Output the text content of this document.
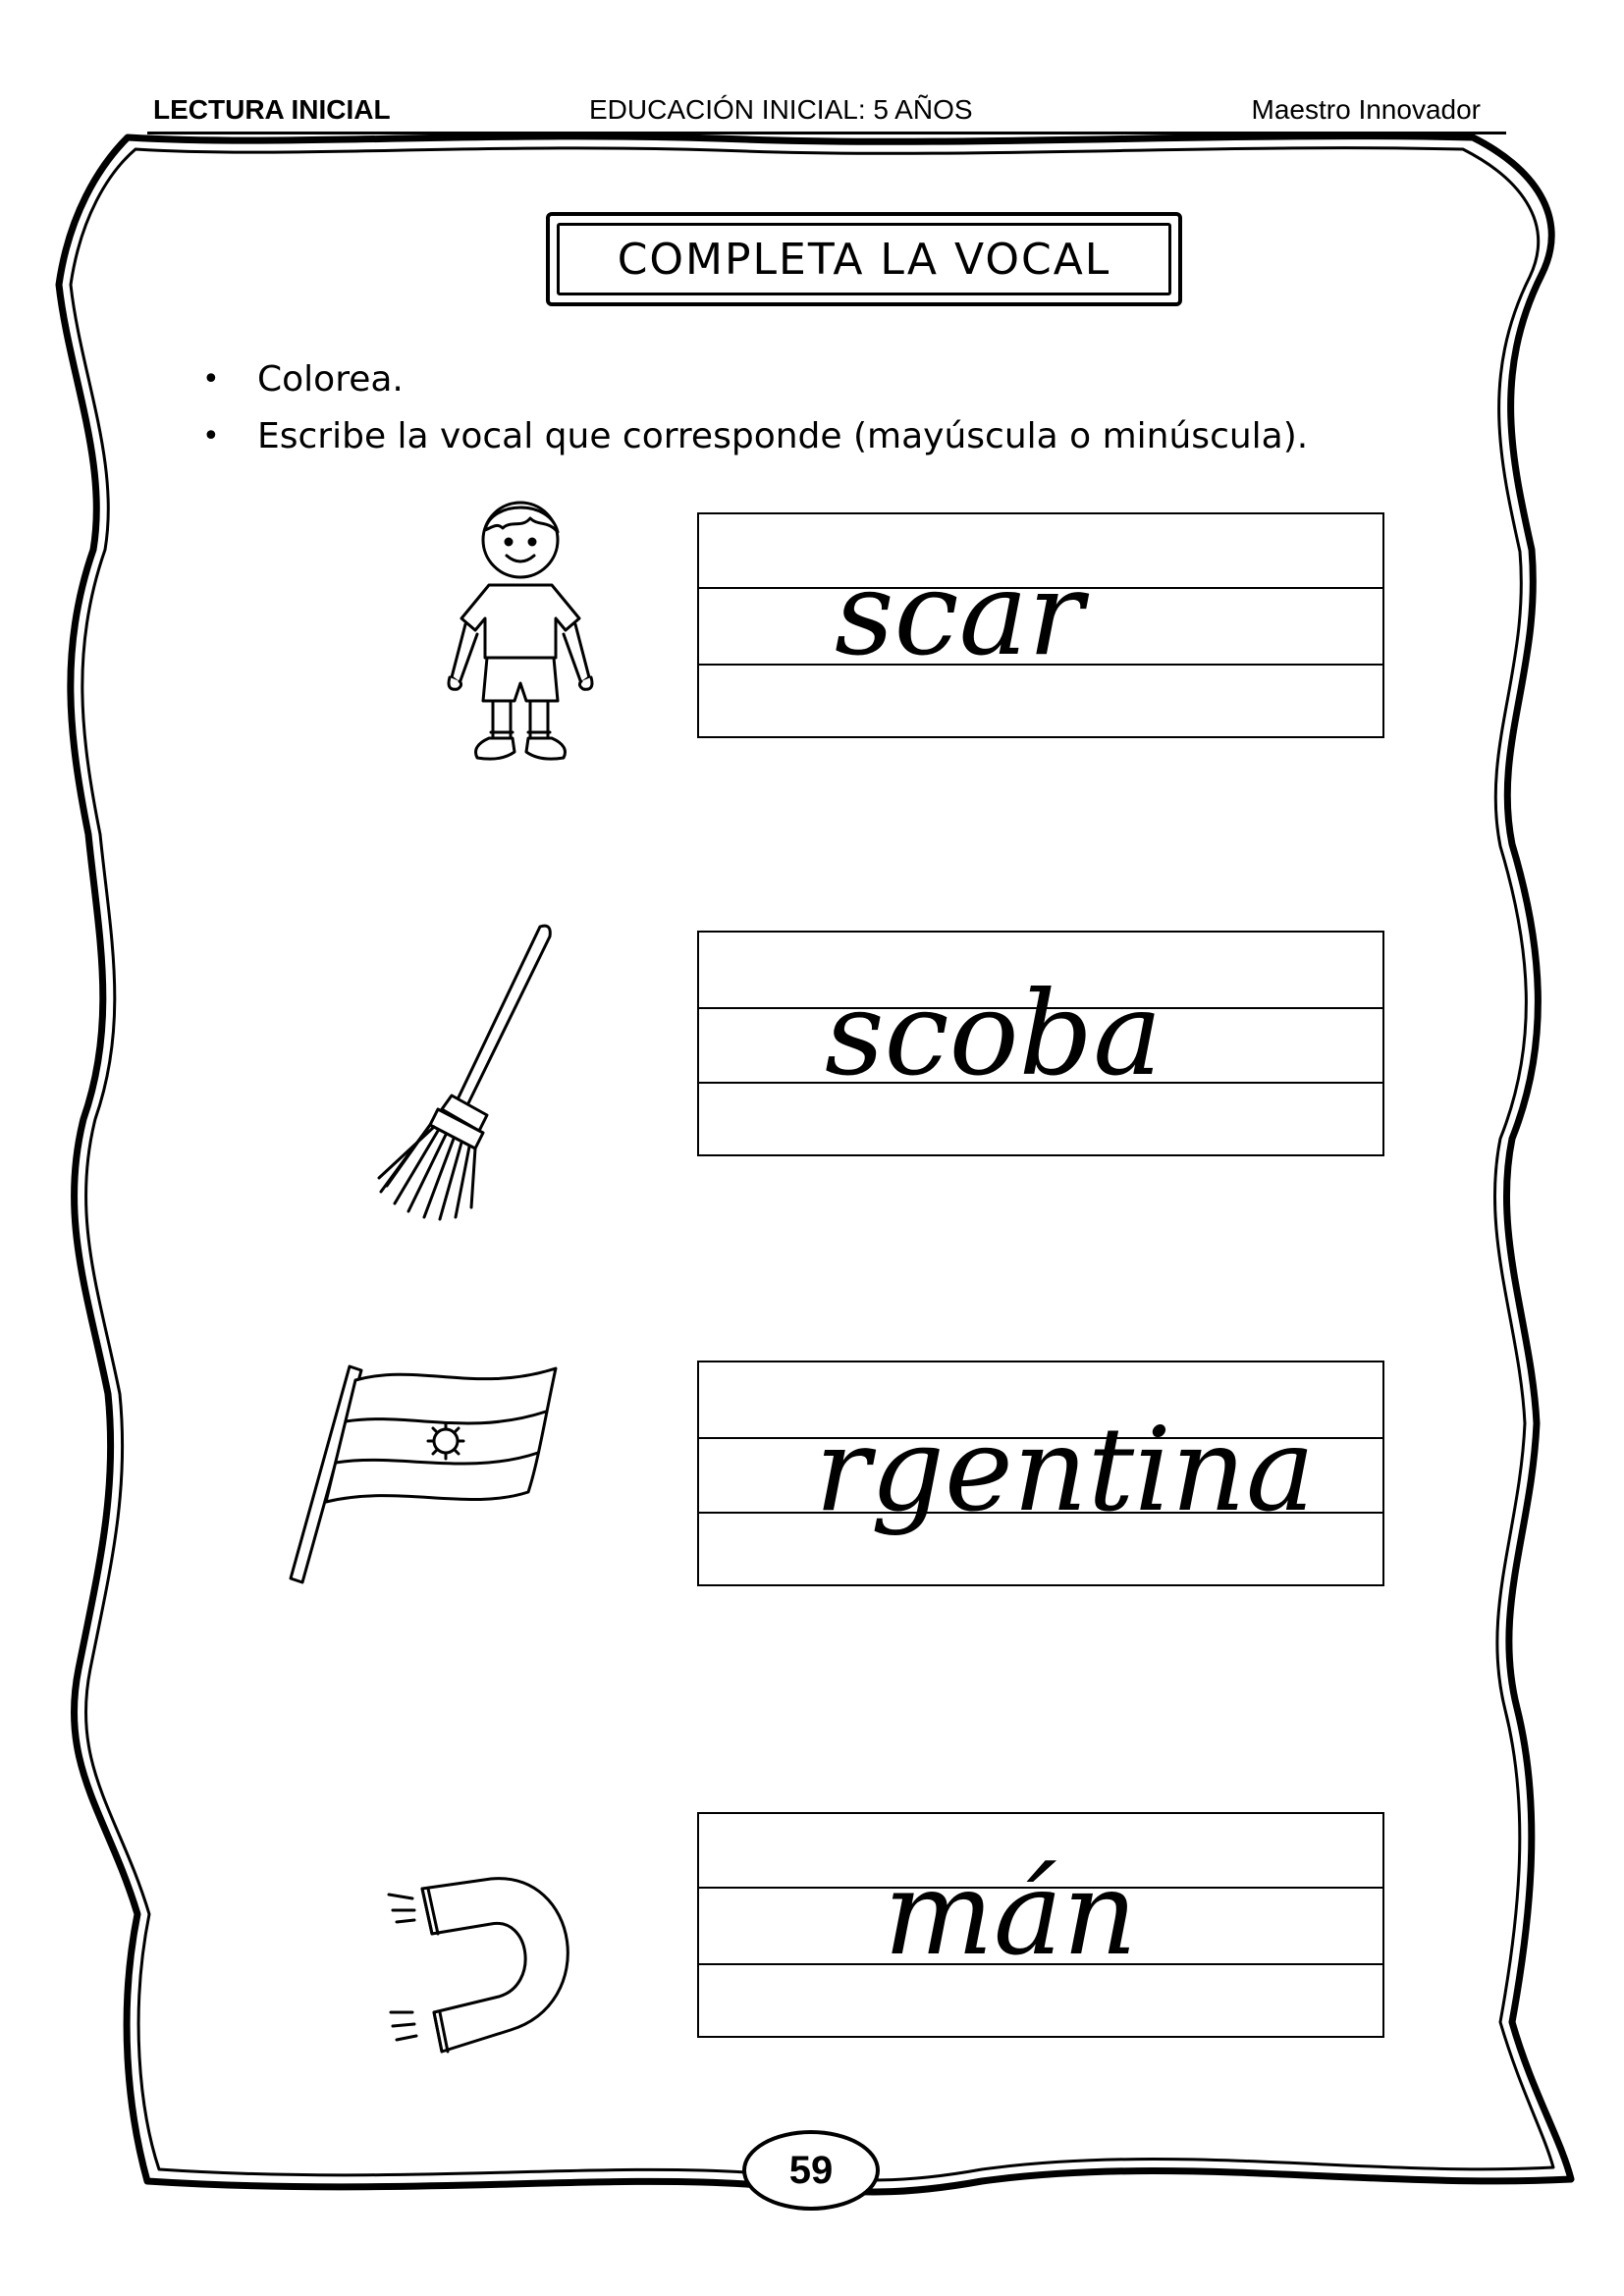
LECTURA INICIAL	EDUCACIÓN INICIAL: 5 AÑOS	Maestro Innovador
COMPLETA LA VOCAL
• Colorea.
• Escribe la vocal que corresponde (mayúscula o minúscula).
scar
scoba
rgentina
mán
59
